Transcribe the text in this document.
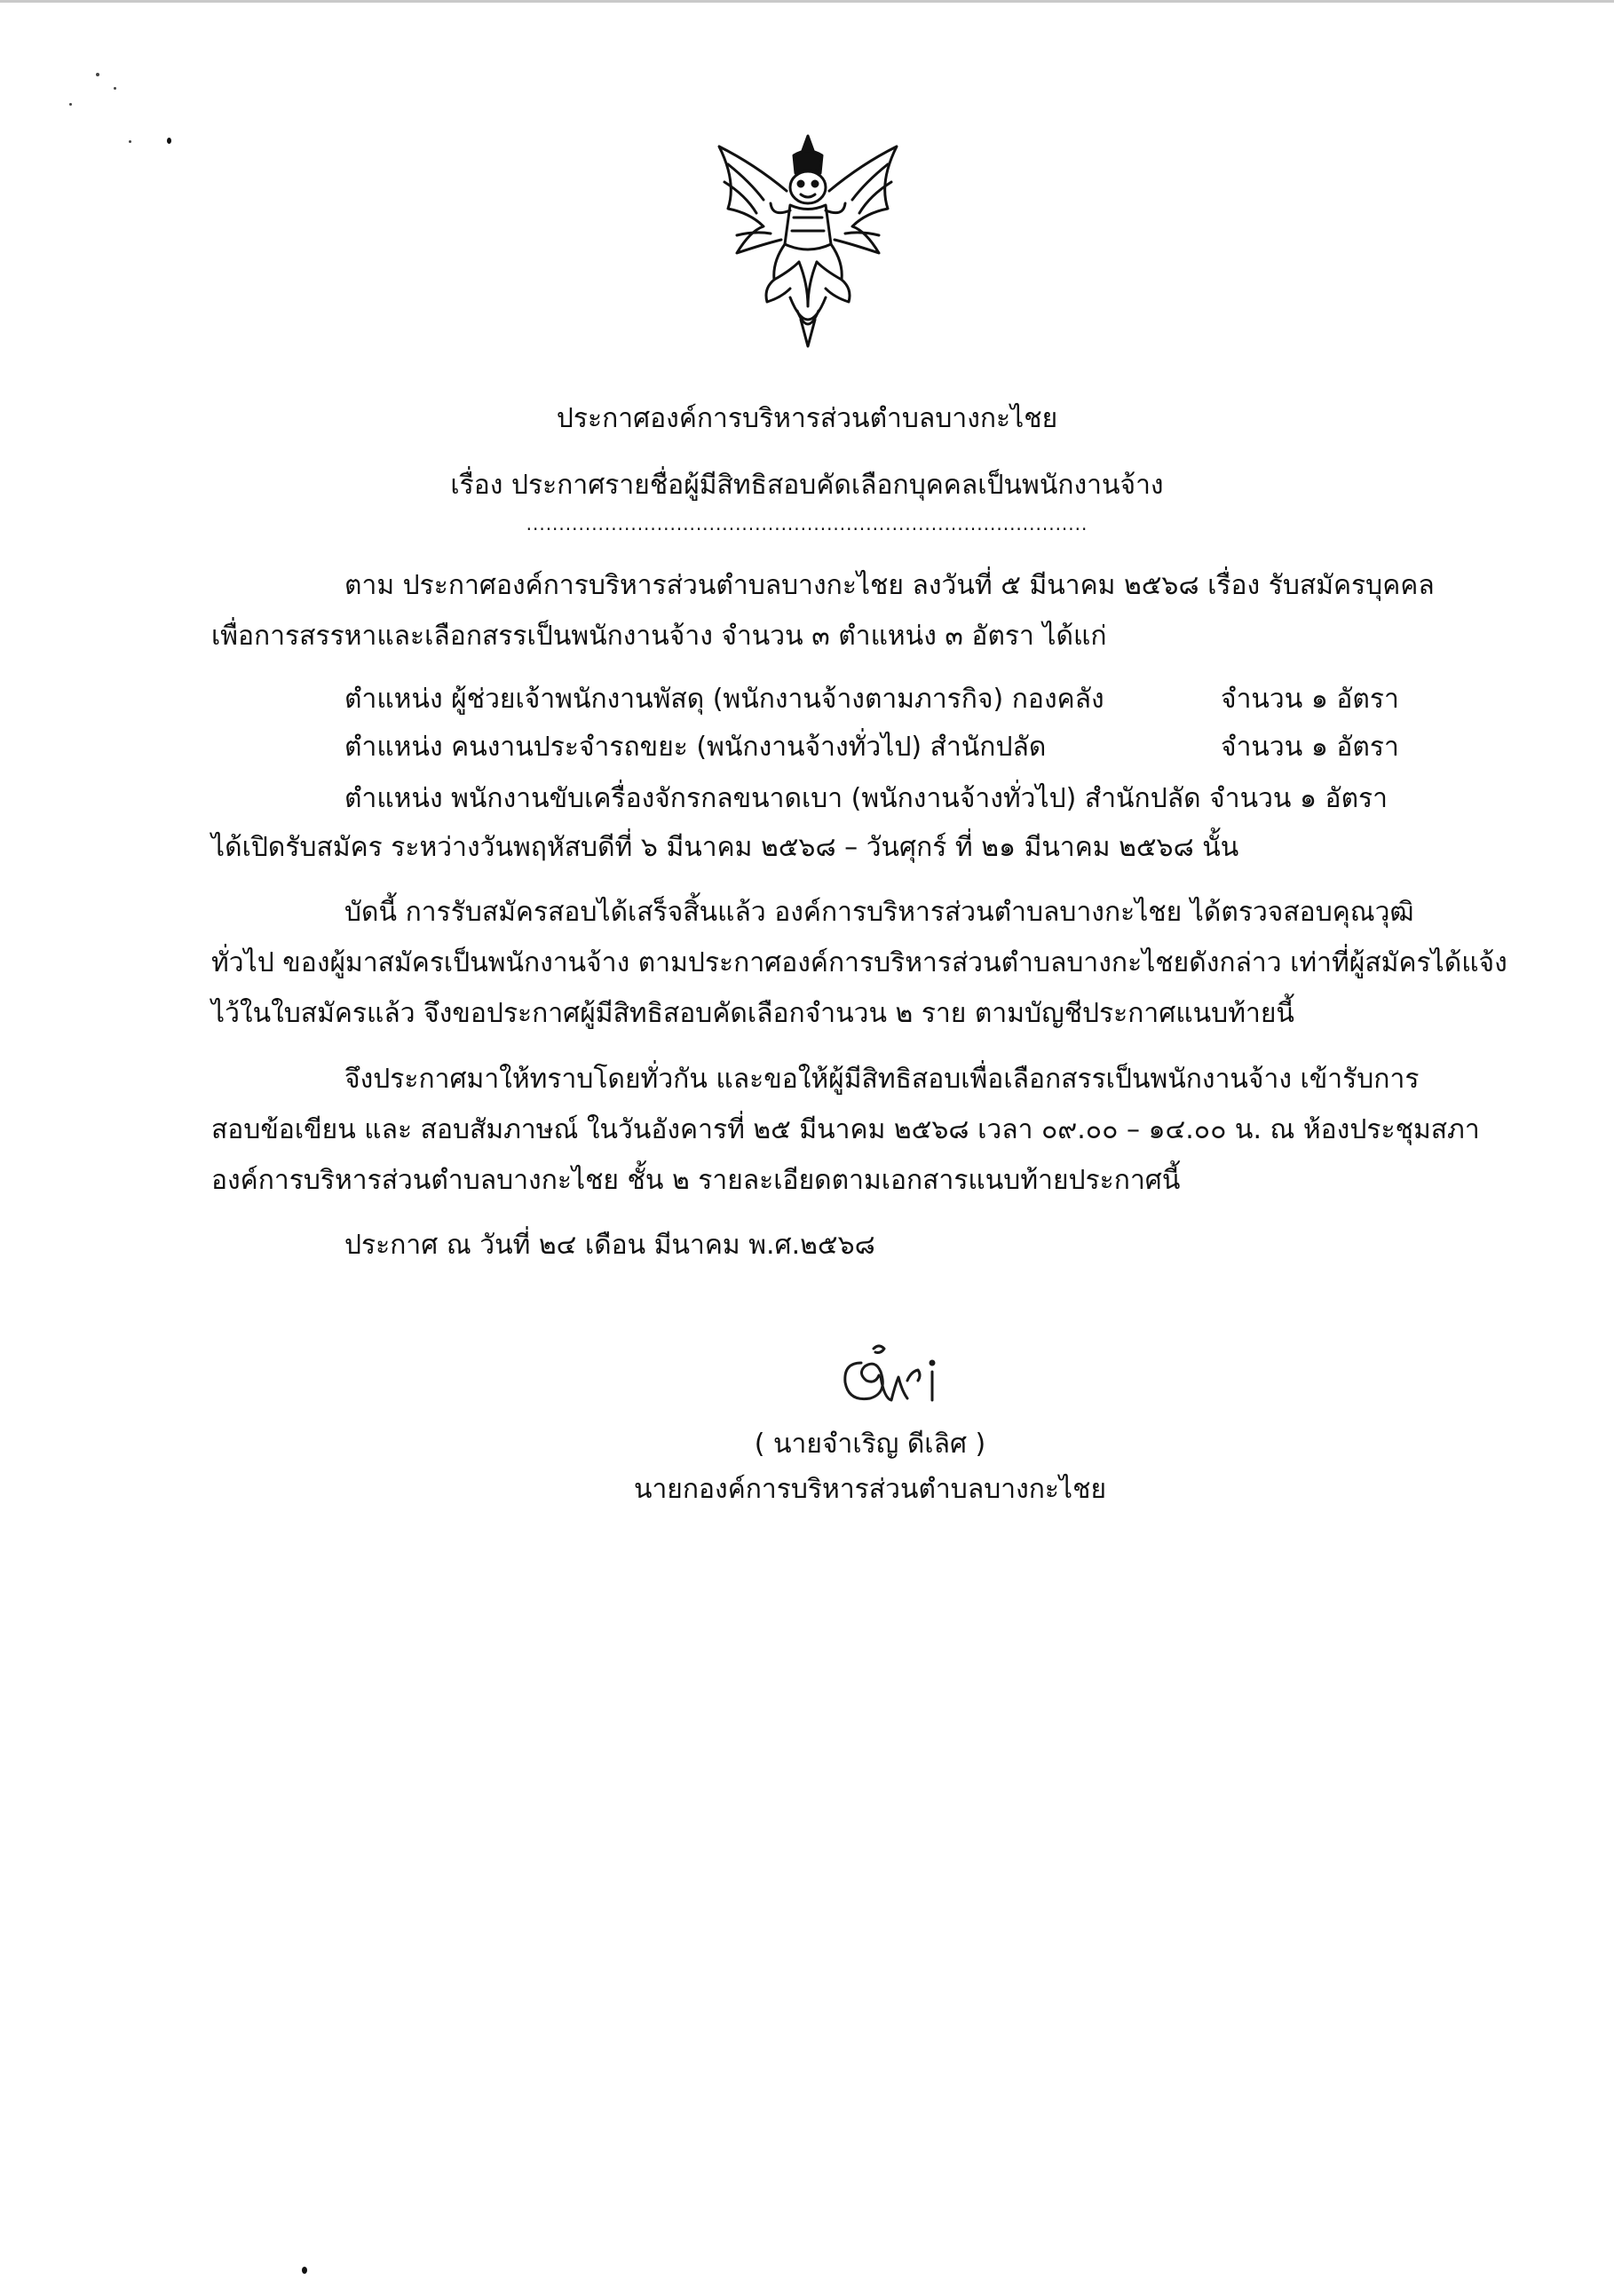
ประกาศองค์การบริหารส่วนตำบลบางกะไชย
เรื่อง ประกาศรายชื่อผู้มีสิทธิสอบคัดเลือกบุคคลเป็นพนักงานจ้าง
......................................................................................
ตาม ประกาศองค์การบริหารส่วนตำบลบางกะไชย ลงวันที่ ๕ มีนาคม ๒๕๖๘ เรื่อง รับสมัครบุคคล
เพื่อการสรรหาและเลือกสรรเป็นพนักงานจ้าง จำนวน ๓ ตำแหน่ง ๓ อัตรา ได้แก่
ตำแหน่ง ผู้ช่วยเจ้าพนักงานพัสดุ (พนักงานจ้างตามภารกิจ) กองคลัง	จำนวน ๑ อัตรา
ตำแหน่ง คนงานประจำรถขยะ (พนักงานจ้างทั่วไป) สำนักปลัด	จำนวน ๑ อัตรา
ตำแหน่ง พนักงานขับเครื่องจักรกลขนาดเบา (พนักงานจ้างทั่วไป) สำนักปลัด จำนวน ๑ อัตรา
ได้เปิดรับสมัคร ระหว่างวันพฤหัสบดีที่ ๖ มีนาคม ๒๕๖๘ – วันศุกร์ ที่ ๒๑ มีนาคม ๒๕๖๘ นั้น
บัดนี้ การรับสมัครสอบได้เสร็จสิ้นแล้ว องค์การบริหารส่วนตำบลบางกะไชย ได้ตรวจสอบคุณวุฒิ
ทั่วไป ของผู้มาสมัครเป็นพนักงานจ้าง ตามประกาศองค์การบริหารส่วนตำบลบางกะไชยดังกล่าว เท่าที่ผู้สมัครได้แจ้ง
ไว้ในใบสมัครแล้ว จึงขอประกาศผู้มีสิทธิสอบคัดเลือกจำนวน ๒ ราย ตามบัญชีประกาศแนบท้ายนี้
จึงประกาศมาให้ทราบโดยทั่วกัน และขอให้ผู้มีสิทธิสอบเพื่อเลือกสรรเป็นพนักงานจ้าง เข้ารับการ
สอบข้อเขียน และ สอบสัมภาษณ์ ในวันอังคารที่ ๒๕ มีนาคม ๒๕๖๘ เวลา ๐๙.๐๐ – ๑๔.๐๐ น. ณ ห้องประชุมสภา
องค์การบริหารส่วนตำบลบางกะไชย ชั้น ๒ รายละเอียดตามเอกสารแนบท้ายประกาศนี้
ประกาศ ณ วันที่ ๒๔ เดือน มีนาคม พ.ศ.๒๕๖๘
( นายจำเริญ ดีเลิศ )
นายกองค์การบริหารส่วนตำบลบางกะไชย
